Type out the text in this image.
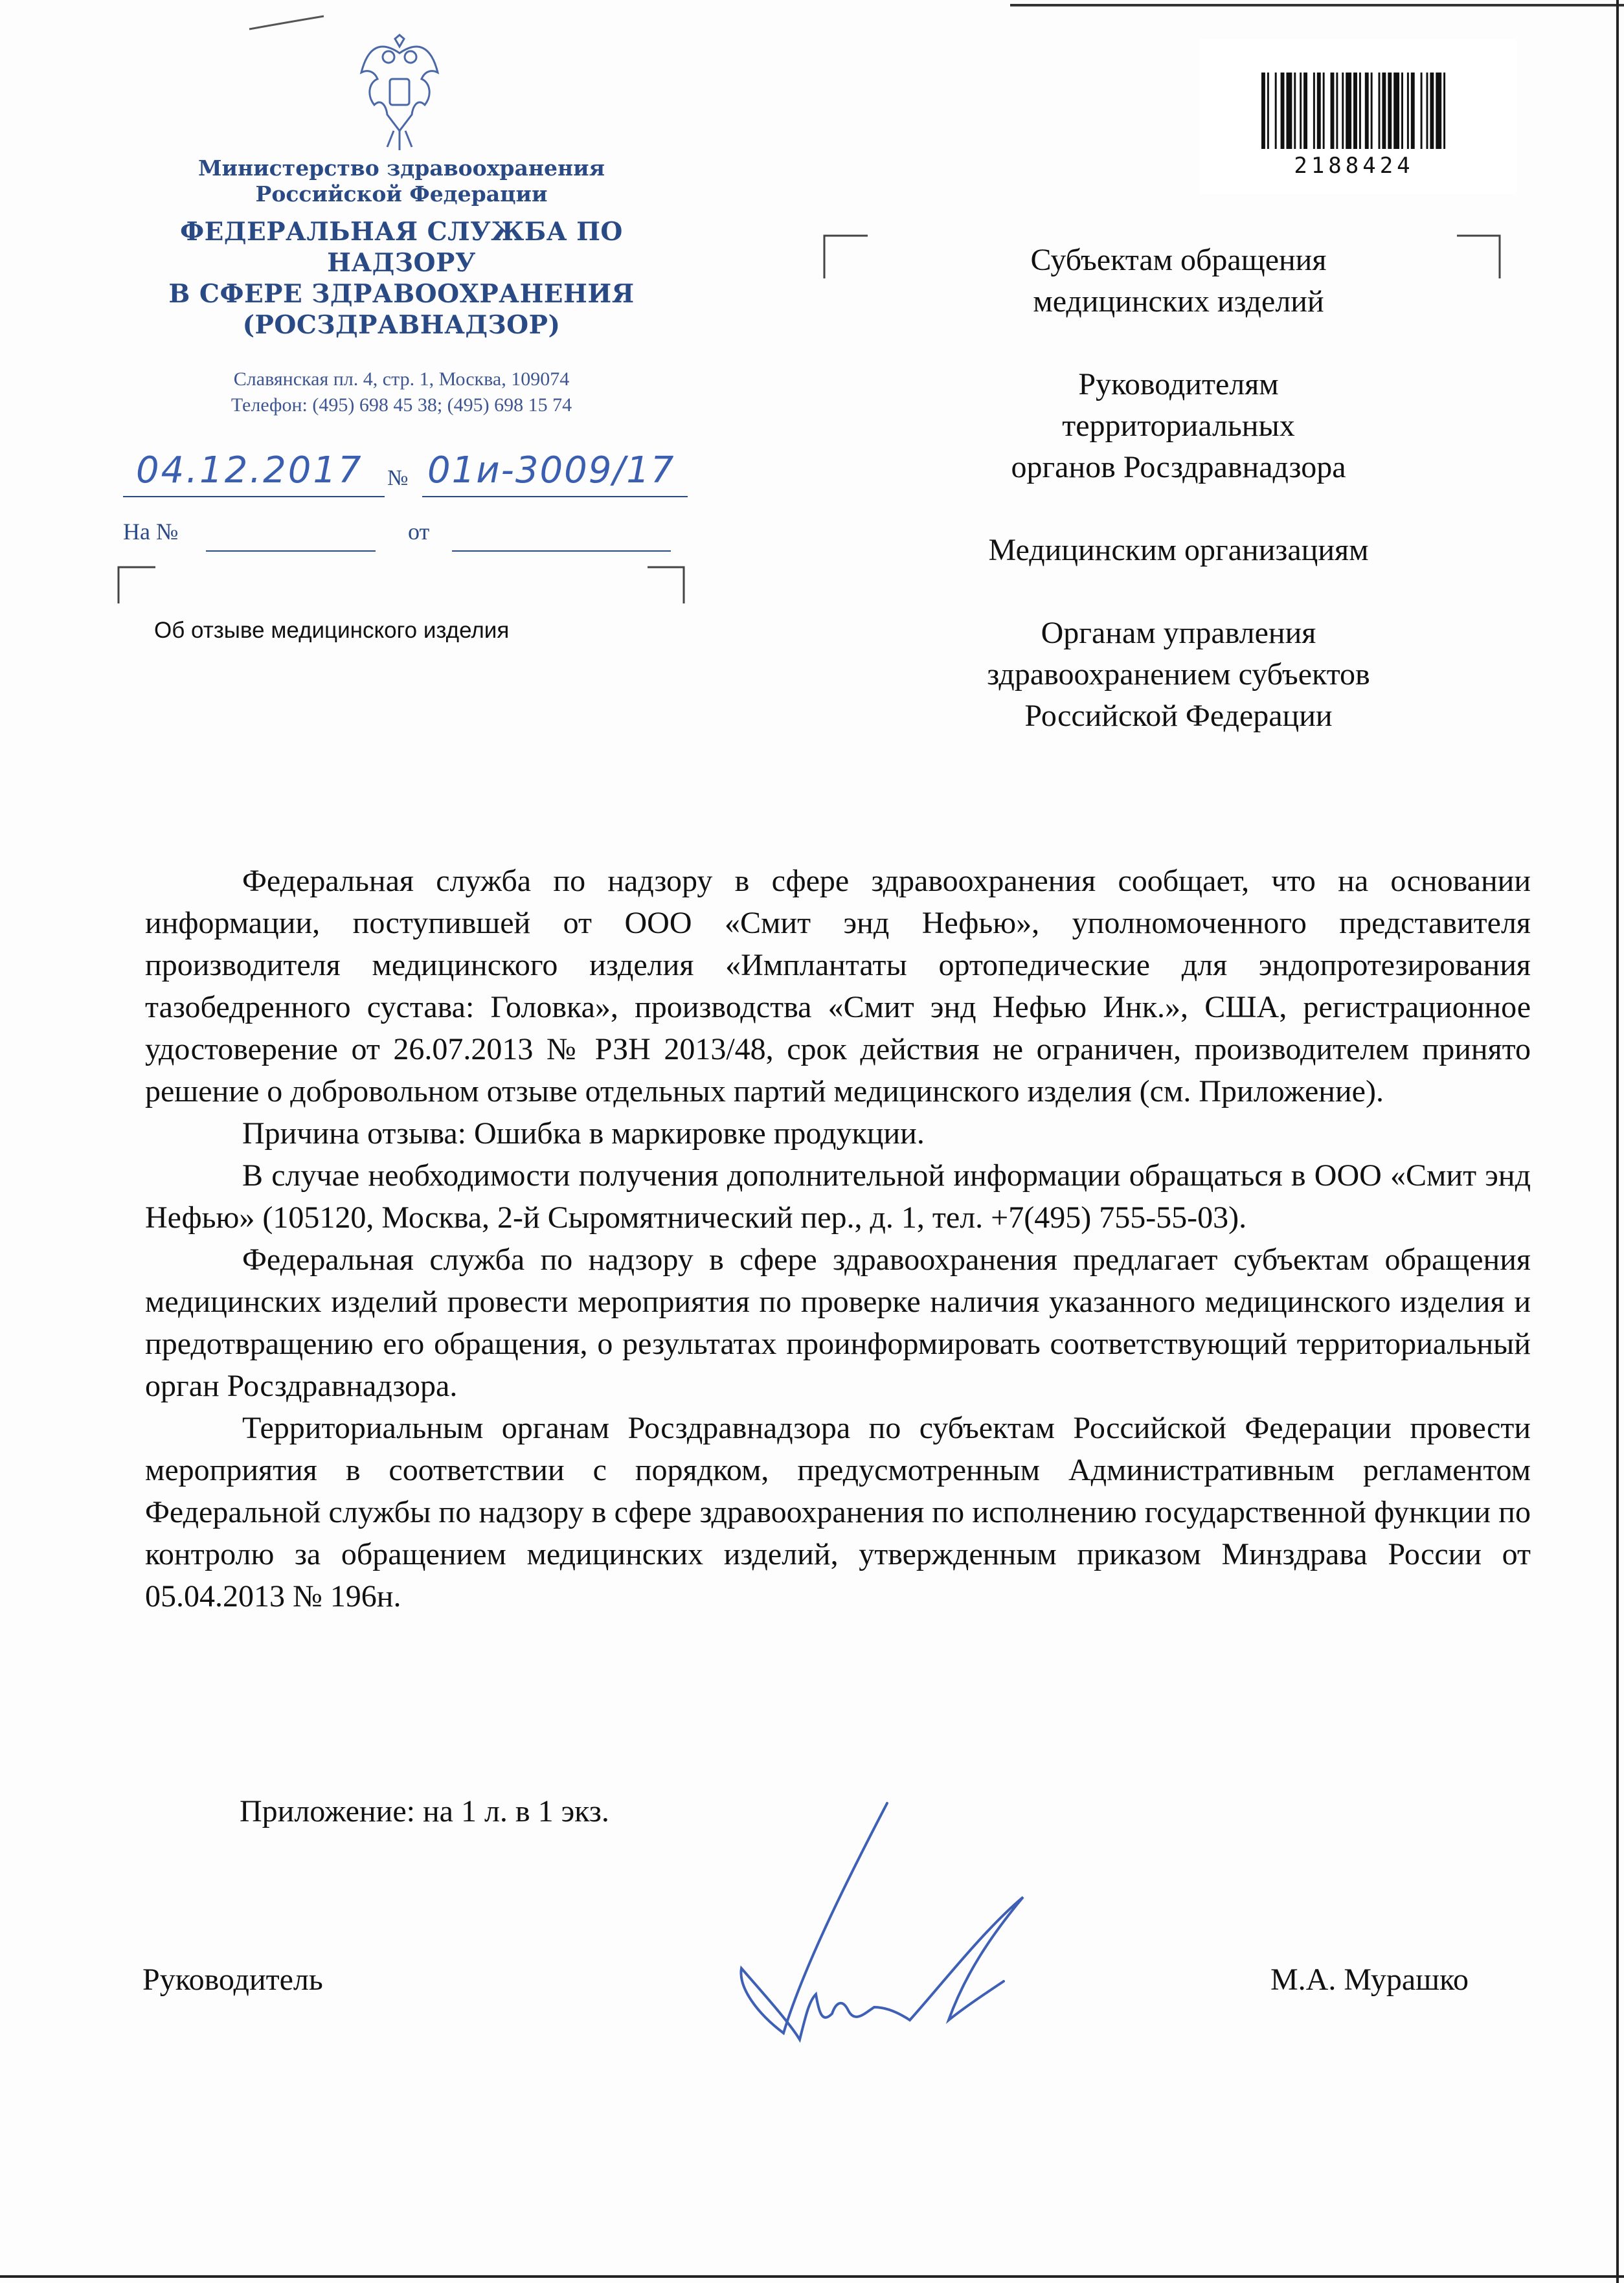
Министерство здравоохранения
Российской Федерации
ФЕДЕРАЛЬНАЯ СЛУЖБА ПО НАДЗОРУ
В СФЕРЕ ЗДРАВООХРАНЕНИЯ
(РОСЗДРАВНАДЗОР)
Славянская пл. 4, стр. 1, Москва, 109074
Телефон: (495) 698 45 38; (495) 698 15 74
04.12.2017 № 01и-3009/17
На №	от
Об отзыве медицинского изделия
Субъектам обращения
медицинских изделий
Руководителям
территориальных
органов Росздравнадзора
Медицинским организациям
Органам управления
здравоохранением субъектов
Российской Федерации
2188424

Федеральная служба по надзору в сфере здравоохранения сообщает, что на основании информации, поступившей от ООО «Смит энд Нефью», уполномоченного представителя производителя медицинского изделия «Имплантаты ортопедические для эндопротезирования тазобедренного сустава: Головка», производства «Смит энд Нефью Инк.», США, регистрационное удостоверение от 26.07.2013 № РЗН 2013/48, срок действия не ограничен, производителем принято решение о добровольном отзыве отдельных партий медицинского изделия (см. Приложение).

Причина отзыва: Ошибка в маркировке продукции.

В случае необходимости получения дополнительной информации обращаться в ООО «Смит энд Нефью» (105120, Москва, 2-й Сыромятнический пер., д. 1, тел. +7(495) 755-55-03).

Федеральная служба по надзору в сфере здравоохранения предлагает субъектам обращения медицинских изделий провести мероприятия по проверке наличия указанного медицинского изделия и предотвращению его обращения, о результатах проинформировать соответствующий территориальный орган Росздравнадзора.

Территориальным органам Росздравнадзора по субъектам Российской Федерации провести мероприятия в соответствии с порядком, предусмотренным Административным регламентом Федеральной службы по надзору в сфере здравоохранения по исполнению государственной функции по контролю за обращением медицинских изделий, утвержденным приказом Минздрава России от 05.04.2013 № 196н.

Приложение: на 1 л. в 1 экз.
Руководитель	М.А. Мурашко
